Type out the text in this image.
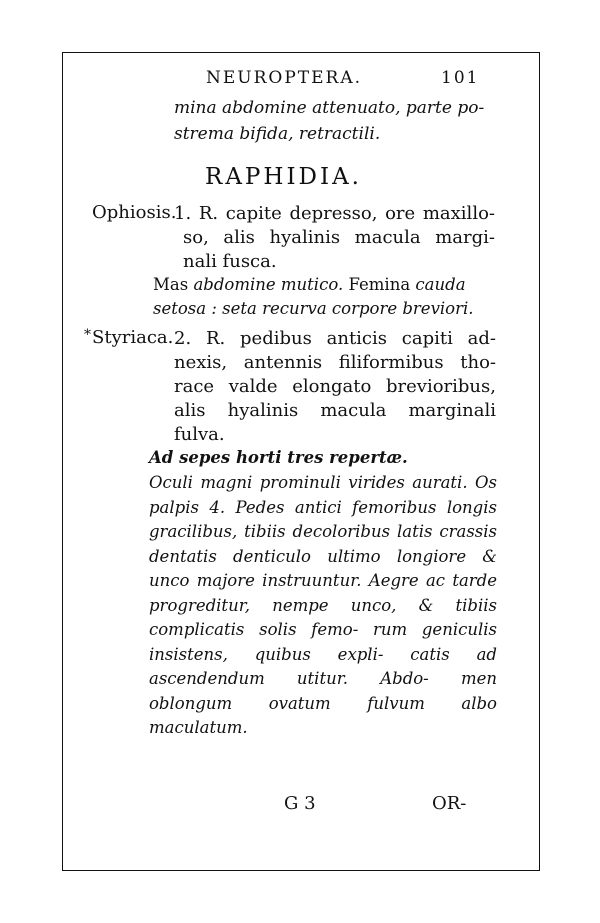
NEUROPTERA.	101
mina abdomine attenuato, parte po-
strema bifida, retractili.
RAPHIDIA.
Ophiosis.
1. R. capite depresso, ore maxillo- so, alis hyalinis macula margi- nali fusca.
Mas abdomine mutico. Femina cauda setosa : seta recurva corpore breviori.
* Styriaca. 2. R. pedibus anticis capiti ad- nexis, antennis filiformibus tho- race valde elongato brevioribus, alis hyalinis macula marginali fulva.
Ad sepes horti tres repertæ.
Oculi magni prominuli virides aurati. Os palpis 4. Pedes antici femoribus longis gracilibus, tibiis decoloribus latis crassis dentatis denticulo ultimo longiore & unco majore instruuntur. Aegre ac tarde progreditur, nempe unco, & tibiis complicatis solis femo- rum geniculis insistens, quibus expli- catis ad ascendendum utitur. Abdo- men oblongum ovatum fulvum albo maculatum.
G 3	OR-
